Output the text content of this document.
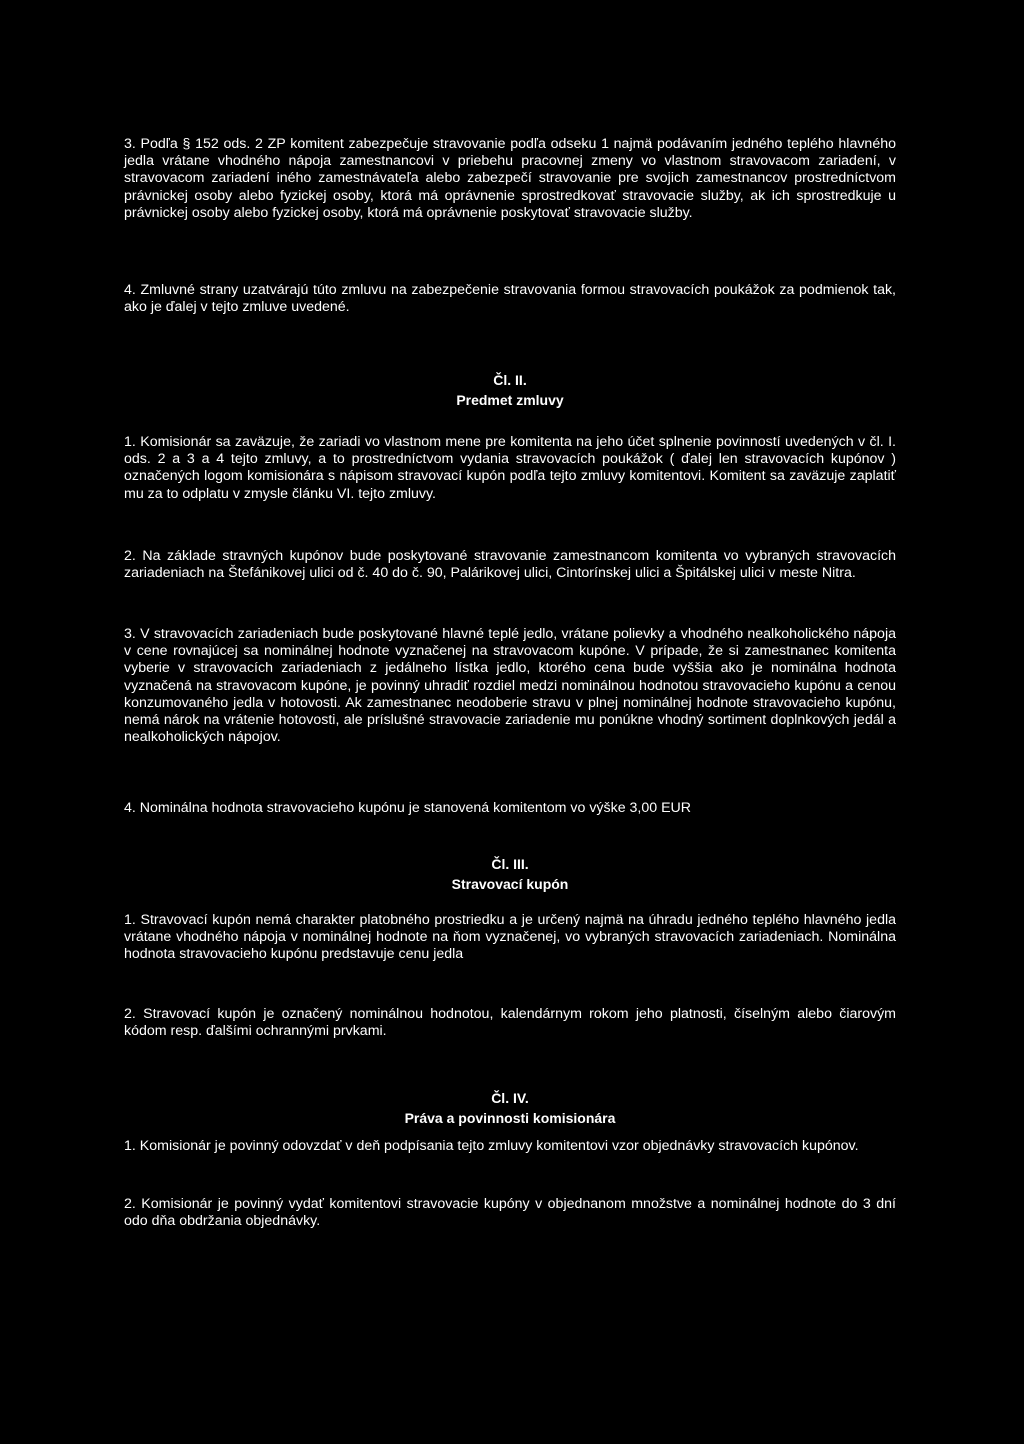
3. Podľa § 152 ods. 2 ZP komitent zabezpečuje stravovanie podľa odseku 1 najmä podávaním jedného teplého hlavného jedla vrátane vhodného nápoja zamestnancovi v priebehu pracovnej zmeny vo vlastnom stravovacom zariadení, v stravovacom zariadení iného zamestnávateľa alebo zabezpečí stravovanie pre svojich zamestnancov prostredníctvom právnickej osoby alebo fyzickej osoby, ktorá má oprávnenie sprostredkovať stravovacie služby, ak ich sprostredkuje u právnickej osoby alebo fyzickej osoby, ktorá má oprávnenie poskytovať stravovacie služby.

4. Zmluvné strany uzatvárajú túto zmluvu na zabezpečenie stravovania formou stravovacích poukážok za podmienok tak, ako je ďalej v tejto zmluve uvedené.

Čl. II.
Predmet zmluvy

1. Komisionár sa zaväzuje, že zariadi vo vlastnom mene pre komitenta na jeho účet splnenie povinností uvedených v čl. I. ods. 2 a 3 a 4 tejto zmluvy, a to prostredníctvom vydania stravovacích poukážok ( ďalej len stravovacích kupónov ) označených logom komisionára s nápisom stravovací kupón podľa tejto zmluvy komitentovi. Komitent sa zaväzuje zaplatiť mu za to odplatu v zmysle článku VI. tejto zmluvy.

2. Na základe stravných kupónov bude poskytované stravovanie zamestnancom komitenta vo vybraných stravovacích zariadeniach na Štefánikovej ulici od č. 40 do č. 90, Palárikovej ulici, Cintorínskej ulici a Špitálskej ulici v meste Nitra.

3. V stravovacích zariadeniach bude poskytované hlavné teplé jedlo, vrátane polievky a vhodného nealkoholického nápoja v cene rovnajúcej sa nominálnej hodnote vyznačenej na stravovacom kupóne. V prípade, že si zamestnanec komitenta vyberie v stravovacích zariadeniach z jedálneho lístka jedlo, ktorého cena bude vyššia ako je nominálna hodnota vyznačená na stravovacom kupóne, je povinný uhradiť rozdiel medzi nominálnou hodnotou stravovacieho kupónu a cenou konzumovaného jedla v hotovosti. Ak zamestnanec neodoberie stravu v plnej nominálnej hodnote stravovacieho kupónu, nemá nárok na vrátenie hotovosti, ale príslušné stravovacie zariadenie mu ponúkne vhodný sortiment doplnkových jedál a nealkoholických nápojov.

4. Nominálna hodnota stravovacieho kupónu je stanovená komitentom vo výške 3,00 EUR

Čl. III.
Stravovací kupón

1. Stravovací kupón nemá charakter platobného prostriedku a je určený najmä na úhradu jedného teplého hlavného jedla vrátane vhodného nápoja v nominálnej hodnote na ňom vyznačenej, vo vybraných stravovacích zariadeniach. Nominálna hodnota stravovacieho kupónu predstavuje cenu jedla

2. Stravovací kupón je označený nominálnou hodnotou, kalendárnym rokom jeho platnosti, číselným alebo čiarovým kódom resp. ďalšími ochrannými prvkami.

Čl. IV.
Práva a povinnosti komisionára

1. Komisionár je povinný odovzdať v deň podpísania tejto zmluvy komitentovi vzor objednávky stravovacích kupónov.

2. Komisionár je povinný vydať komitentovi stravovacie kupóny v objednanom množstve a nominálnej hodnote do 3 dní odo dňa obdržania objednávky.
